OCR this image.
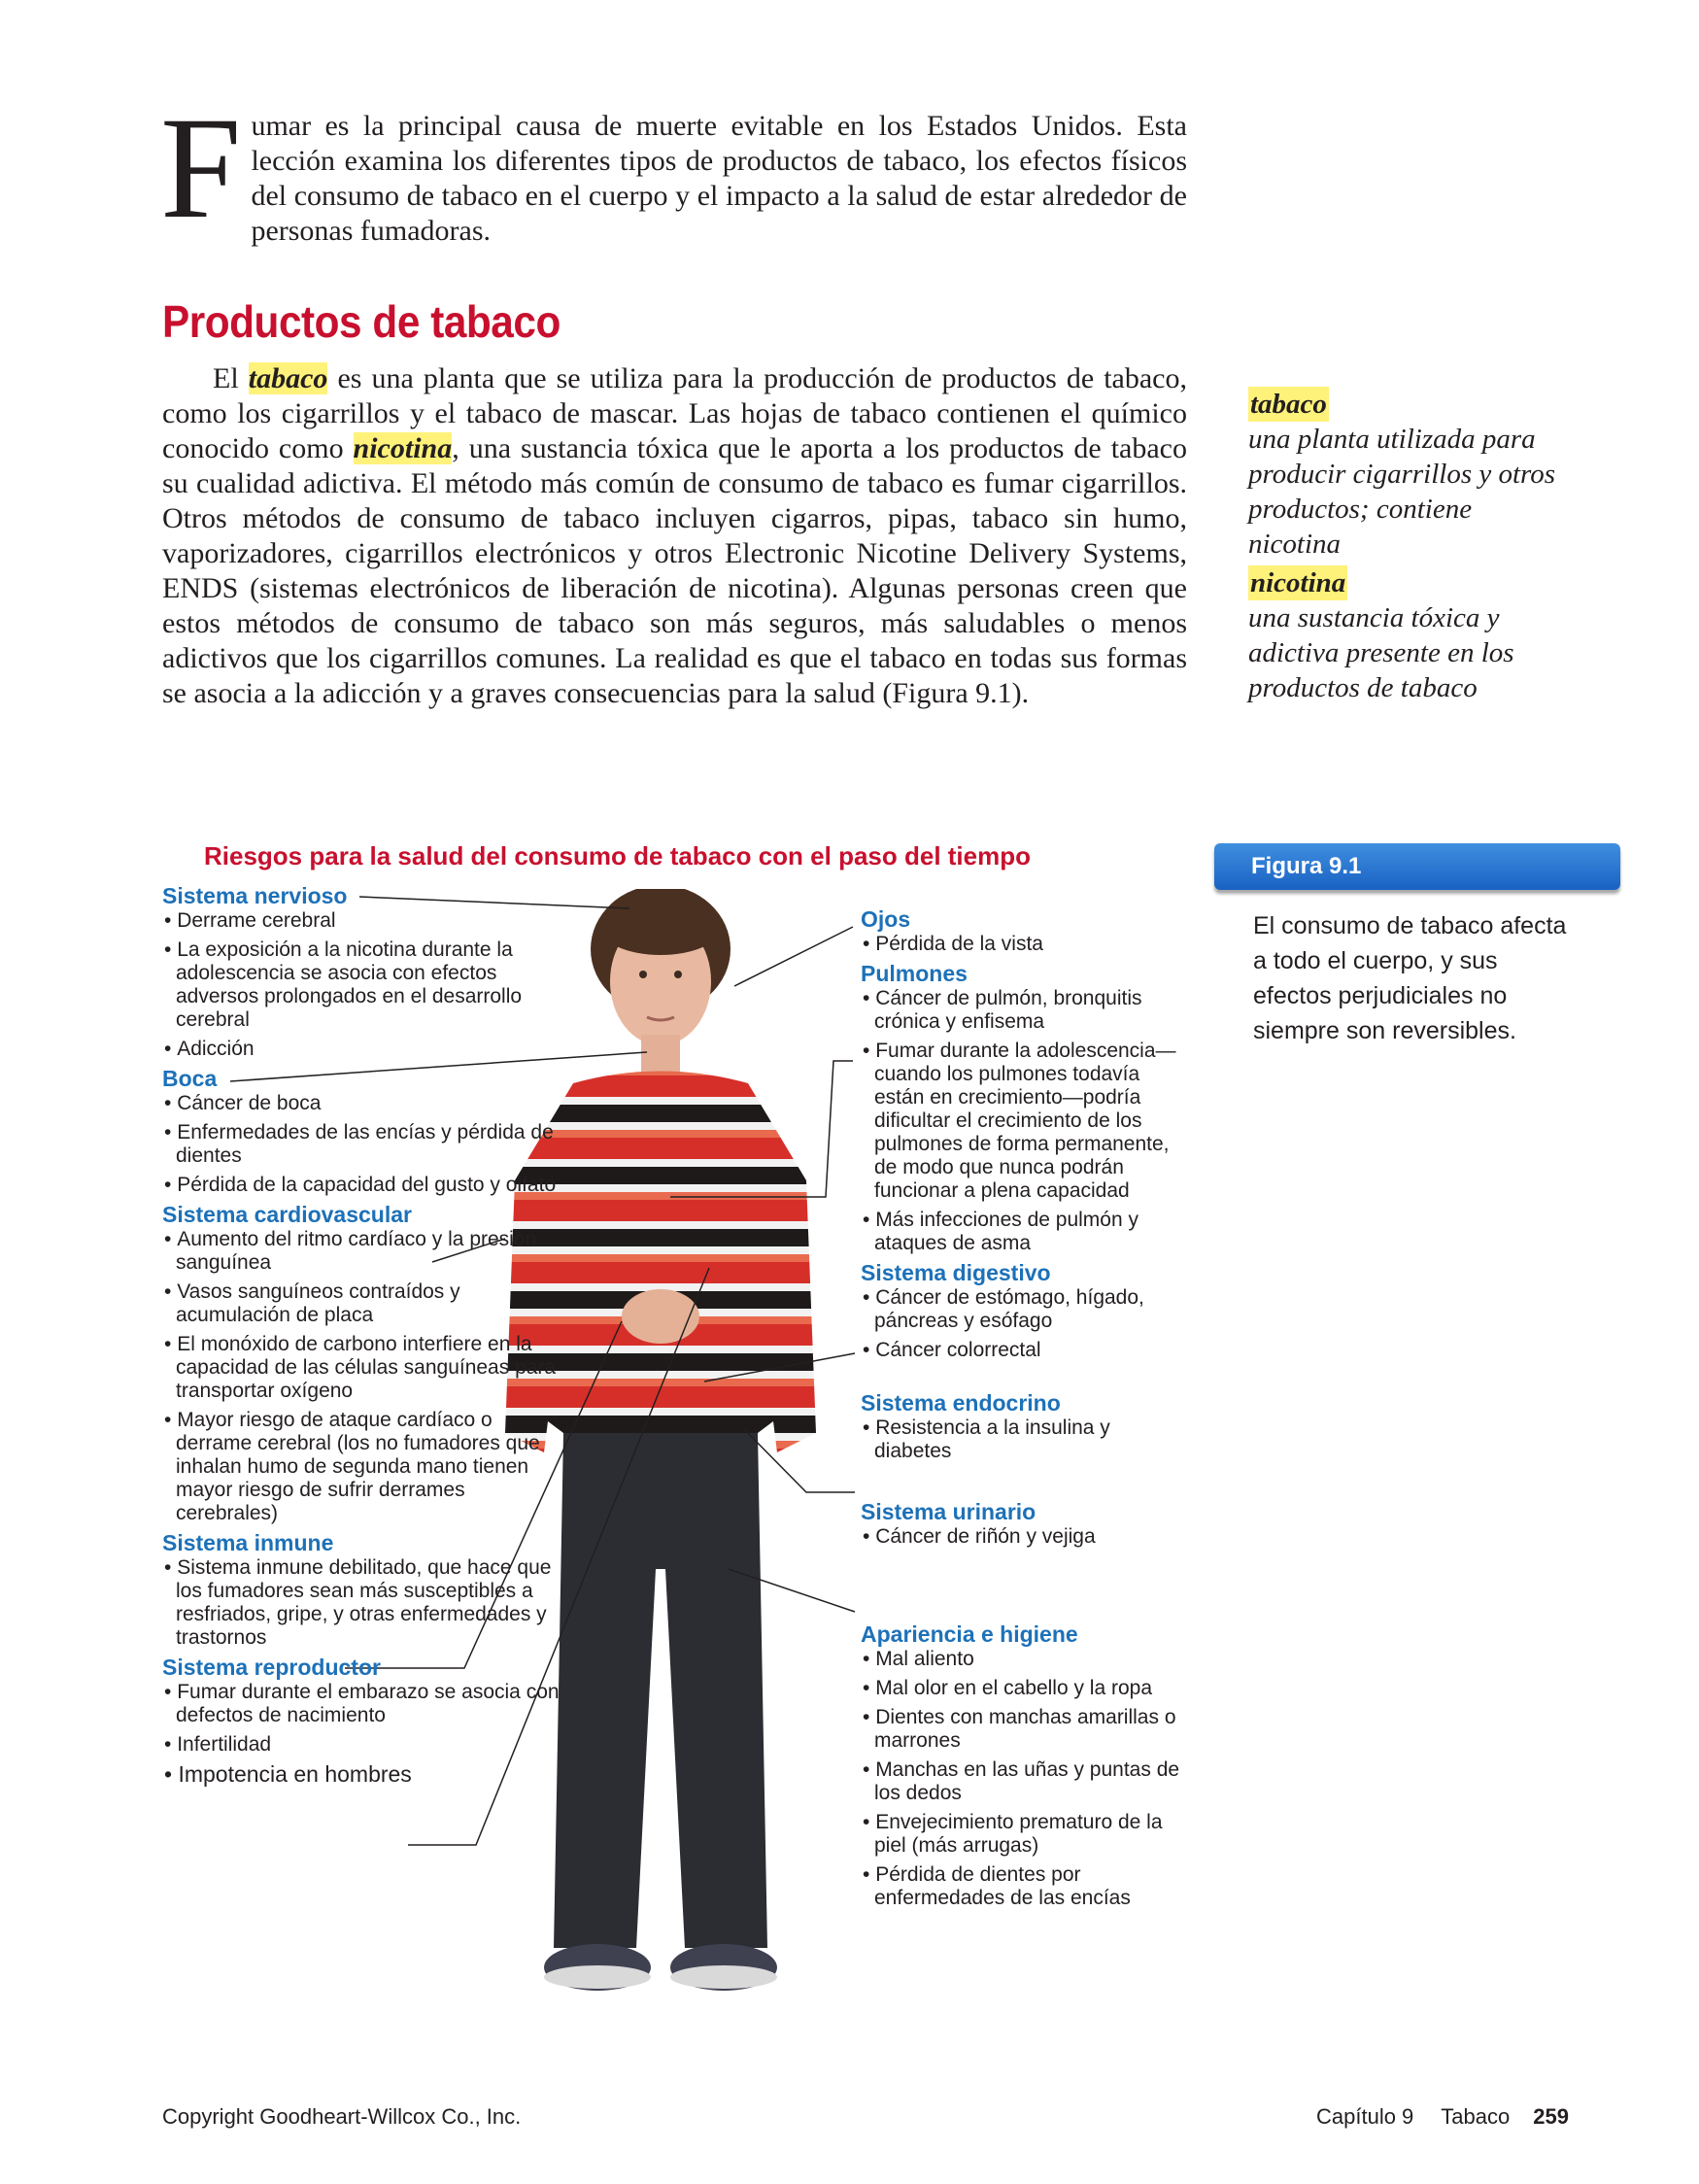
Fumar es la principal causa de muerte evitable en los Estados Unidos. Esta lección examina los diferentes tipos de productos de tabaco, los efectos físicos del consumo de tabaco en el cuerpo y el impacto a la salud de estar alrededor de personas fumadoras.
Productos de tabaco
El tabaco es una planta que se utiliza para la producción de productos de tabaco, como los cigarrillos y el tabaco de mascar. Las hojas de tabaco contienen el químico conocido como nicotina, una sustancia tóxica que le aporta a los productos de tabaco su cualidad adictiva. El método más común de consumo de tabaco es fumar cigarrillos. Otros métodos de consumo de tabaco incluyen cigarros, pipas, tabaco sin humo, vaporizadores, cigarrillos electrónicos y otros Electronic Nicotine Delivery Systems, ENDS (sistemas electrónicos de liberación de nicotina). Algunas personas creen que estos métodos de consumo de tabaco son más seguros, más saludables o menos adictivos que los cigarrillos comunes. La realidad es que el tabaco en todas sus formas se asocia a la adicción y a graves consecuencias para la salud (Figura 9.1).
tabaco
una planta utilizada para producir cigarrillos y otros productos; contiene nicotina
nicotina
una sustancia tóxica y adictiva presente en los productos de tabaco
Riesgos para la salud del consumo de tabaco con el paso del tiempo	Figura 9.1
El consumo de tabaco afecta a todo el cuerpo, y sus efectos perjudiciales no siempre son reversibles.
Sistema nervioso
• Derrame cerebral
• La exposición a la nicotina durante la adolescencia se asocia con efectos adversos prolongados en el desarrollo cerebral
• Adicción
Boca
• Cáncer de boca
• Enfermedades de las encías y pérdida de dientes
• Pérdida de la capacidad del gusto y olfato
Sistema cardiovascular
• Aumento del ritmo cardíaco y la presión sanguínea
• Vasos sanguíneos contraídos y acumulación de placa
• El monóxido de carbono interfiere en la capacidad de las células sanguíneas para transportar oxígeno
• Mayor riesgo de ataque cardíaco o derrame cerebral (los no fumadores que inhalan humo de segunda mano tienen mayor riesgo de sufrir derrames cerebrales)
Sistema inmune
• Sistema inmune debilitado, que hace que los fumadores sean más susceptibles a resfriados, gripe, y otras enfermedades y trastornos
Sistema reproductor
• Fumar durante el embarazo se asocia con defectos de nacimiento
• Infertilidad
• Impotencia en hombres
Ojos
• Pérdida de la vista
Pulmones
• Cáncer de pulmón, bronquitis crónica y enfisema
• Fumar durante la adolescencia—cuando los pulmones todavía están en crecimiento—podría dificultar el crecimiento de los pulmones de forma permanente, de modo que nunca podrán funcionar a plena capacidad
• Más infecciones de pulmón y ataques de asma
Sistema digestivo
• Cáncer de estómago, hígado, páncreas y esófago
• Cáncer colorrectal
Sistema endocrino
• Resistencia a la insulina y diabetes
Sistema urinario
• Cáncer de riñón y vejiga
Apariencia e higiene
• Mal aliento
• Mal olor en el cabello y la ropa
• Dientes con manchas amarillas o marrones
• Manchas en las uñas y puntas de los dedos
• Envejecimiento prematuro de la piel (más arrugas)
• Pérdida de dientes por enfermedades de las encías
Copyright Goodheart-Willcox Co., Inc.	Capítulo 9 Tabaco 259
